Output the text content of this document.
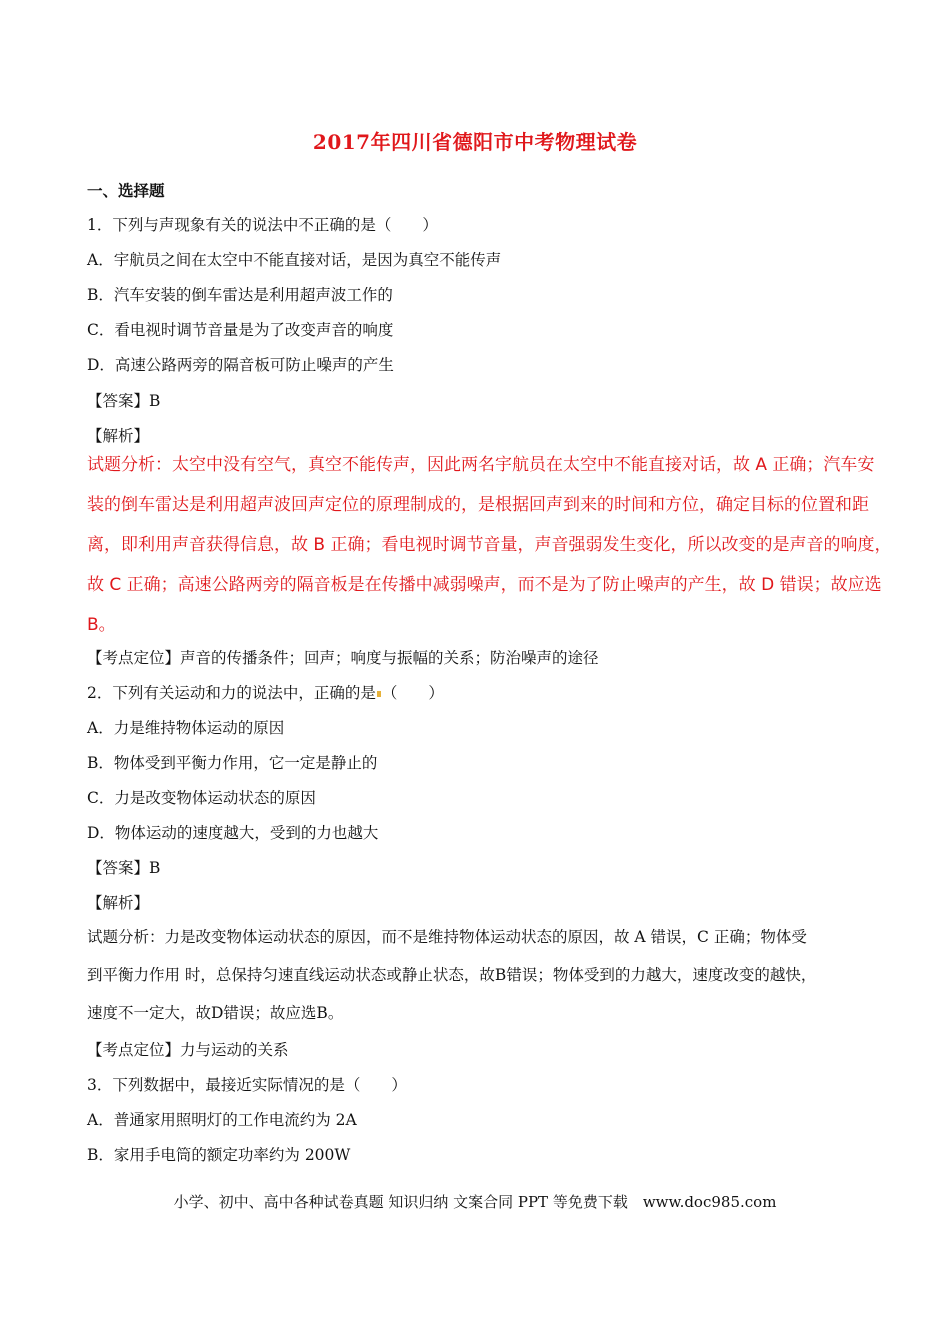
2017年四川省德阳市中考物理试卷
一、选择题
1．下列与声现象有关的说法中不正确的是（　　）
A．宇航员之间在太空中不能直接对话，是因为真空不能传声
B．汽车安装的倒车雷达是利用超声波工作的
C．看电视时调节音量是为了改变声音的响度
D．高速公路两旁的隔音板可防止噪声的产生
【答案】B
【解析】
试题分析：太空中没有空气，真空不能传声，因此两名宇航员在太空中不能直接对话，故 A 正确；汽车安
装的倒车雷达是利用超声波回声定位的原理制成的，是根据回声到来的时间和方位，确定目标的位置和距
离，即利用声音获得信息，故 B 正确；看电视时调节音量，声音强弱发生变化，所以改变的是声音的响度，
故 C 正确；高速公路两旁的隔音板是在传播中减弱噪声，而不是为了防止噪声的产生，故 D 错误；故应选
B。
【考点定位】声音的传播条件；回声；响度与振幅的关系；防治噪声的途径
2．下列有关运动和力的说法中，正确的是 （　　）
A．力是维持物体运动的原因
B．物体受到平衡力作用，它一定是静止的
C．力是改变物体运动状态的原因
D．物体运动的速度越大，受到的力也越大
【答案】B
【解析】
试题分析：力是改变物体运动状态的原因，而不是维持物体运动状态的原因，故 A 错误，C 正确；物体受
到平衡力作用 时，总保持匀速直线运动状态或静止状态，故B错误；物体受到的力越大，速度改变的越快，
速度不一定大，故D错误；故应选B。
【考点定位】力与运动的关系
3．下列数据中，最接近实际情况的是（　　）
A．普通家用照明灯的工作电流约为 2A
B．家用手电筒的额定功率约为 200W
小学、初中、高中各种试卷真题 知识归纳 文案合同 PPT 等免费下载　www.doc985.com
